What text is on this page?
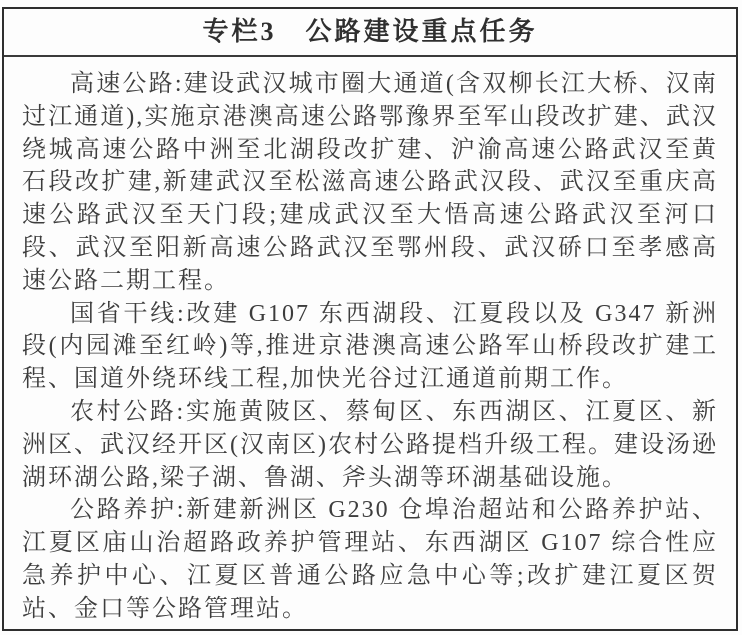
专栏3　公路建设重点任务

高速公路:建设武汉城市圈大通道(含双柳长江大桥、汉南过江通道),实施京港澳高速公路鄂豫界至军山段改扩建、武汉绕城高速公路中洲至北湖段改扩建、沪渝高速公路武汉至黄石段改扩建,新建武汉至松滋高速公路武汉段、武汉至重庆高速公路武汉至天门段;建成武汉至大悟高速公路武汉至河口段、武汉至阳新高速公路武汉至鄂州段、武汉硚口至孝感高速公路二期工程。

国省干线:改建 G107 东西湖段、江夏段以及 G347 新洲段(内园滩至红岭)等,推进京港澳高速公路军山桥段改扩建工程、国道外绕环线工程,加快光谷过江通道前期工作。

农村公路:实施黄陂区、蔡甸区、东西湖区、江夏区、新洲区、武汉经开区(汉南区)农村公路提档升级工程。建设汤逊湖环湖公路,梁子湖、鲁湖、斧头湖等环湖基础设施。

公路养护:新建新洲区 G230 仓埠治超站和公路养护站、江夏区庙山治超路政养护管理站、东西湖区 G107 综合性应急养护中心、江夏区普通公路应急中心等;改扩建江夏区贺站、金口等公路管理站。
